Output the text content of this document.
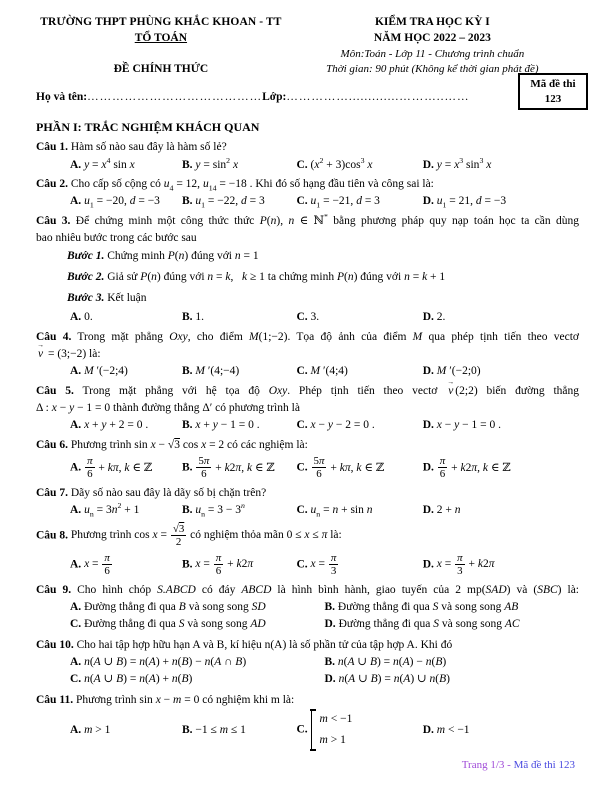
TRƯỜNG THPT PHÙNG KHẮC KHOAN - TT
TỔ TOÁN
ĐỀ CHÍNH THỨC
KIỂM TRA HỌC KỲ I
NĂM HỌC 2022 – 2023
Môn:Toán - Lớp 11 - Chương trình chuẩn
Thời gian: 90 phút (Không kể thời gian phát đề)
Mã đề thi
123
Họ và tên:……………………………………Lớp:…………….............………..……
PHẦN I: TRẮC NGHIỆM KHÁCH QUAN
Câu 1. Hàm số nào sau đây là hàm số lẻ?
A. $y = x^4$ sin x	B. $y = \sin^2 x$	C. $(x^2 + 3)\cos^3$ x	D. $y = x^3$ $\sin^3 x$
Câu 2. Cho cấp số cộng có $u_4 = 12$, $u_{14} = -18$ . Khi đó số hạng đầu tiên và công sai là:
A. $u_1 = -20$, d = −3	B. $u_1 = -22$, d = 3	C. $u_1 = -21$, d = 3	D. $u_1 = 21$, d = −3
Câu 3. Để chứng minh một công thức thức P(n), n ∈ ℕ* bằng phương pháp quy nạp toán học ta cần dùng
bao nhiêu bước trong các bước sau
Bước 1. Chứng minh P(n) đúng với n = 1
Bước 2. Giả sử P(n) đúng với n = k,   k ≥ 1 ta chứng minh P(n) đúng với n = k + 1
Bước 3. Kết luận
A. 0.	B. 1.	C. 3.	D. 2.
Câu 4. Trong mặt phẳng Oxy, cho điểm M(1;−2). Tọa độ ảnh của điểm M qua phép tịnh tiến theo vectơ
v → = (3;−2) là:
A. M ′(−2;4)	B. M ′(4;−4)	C. M ′(4;4)	D. M ′(−2;0)
Câu 5. Trong mặt phẳng với hệ tọa độ Oxy. Phép tịnh tiến theo vectơ v → (2;2) biến đường thẳng
Δ : x − y − 1 = 0 thành đường thẳng Δ′ có phương trình là
A. x + y + 2 = 0 .	B. x + y − 1 = 0 .	C. x − y − 2 = 0 .	D. x − y − 1 = 0 .
Câu 6. Phương trình sin x − √3 cos x = 2 có các nghiệm là:
A. $\frac{\pi}{6} + k\pi$, k ∈ ℤ	B. $\frac{5\pi}{6} + k2\pi$, k ∈ ℤ	C. $\frac{5\pi}{6} + k\pi$, k ∈ ℤ	D. $\frac{\pi}{6} + k2\pi$, k ∈ ℤ
Câu 7. Dãy số nào sau đây là dãy số bị chặn trên?
A. $u_n = 3n^2 + 1$	B. $u_n = 3 - 3^n$	C. $u_n = n + \sin n$	D. 2 + n
Câu 8. Phương trình $\cos x = \frac{√3}{2}$ có nghiệm thỏa mãn 0 ≤ x ≤ π là:
A. $x = \frac{\pi}{6}$	B. $x = \frac{\pi}{6} + k2\pi$	C. $x = \frac{\pi}{3}$	D. $x = \frac{\pi}{3} + k2\pi$
Câu 9. Cho hình chóp S.ABCD có đáy ABCD là hình bình hành, giao tuyến của 2 mp(SAD) và (SBC) là:
A. Đường thẳng đi qua B và song song SD	B. Đường thẳng đi qua S và song song AB
C. Đường thẳng đi qua S và song song AD	D. Đường thẳng đi qua S và song song AC
Câu 10. Cho hai tập hợp hữu hạn A và B, kí hiệu n(A) là số phần tử của tập hợp A. Khi đó
A. n(A ∪ B) = n(A) + n(B) − n(A ∩ B)	B. n(A ∪ B) = n(A) − n(B)
C. n(A ∪ B) = n(A) + n(B)	D. n(A ∪ B) = n(A) ∪ n(B)
Câu 11. Phương trình sin x − m = 0 có nghiệm khi m là:
A. m > 1	B. −1 ≤ m ≤ 1	C.
m < −1
m > 1
D. m < −1
Trang 1/3 - Mã đề thi 123
